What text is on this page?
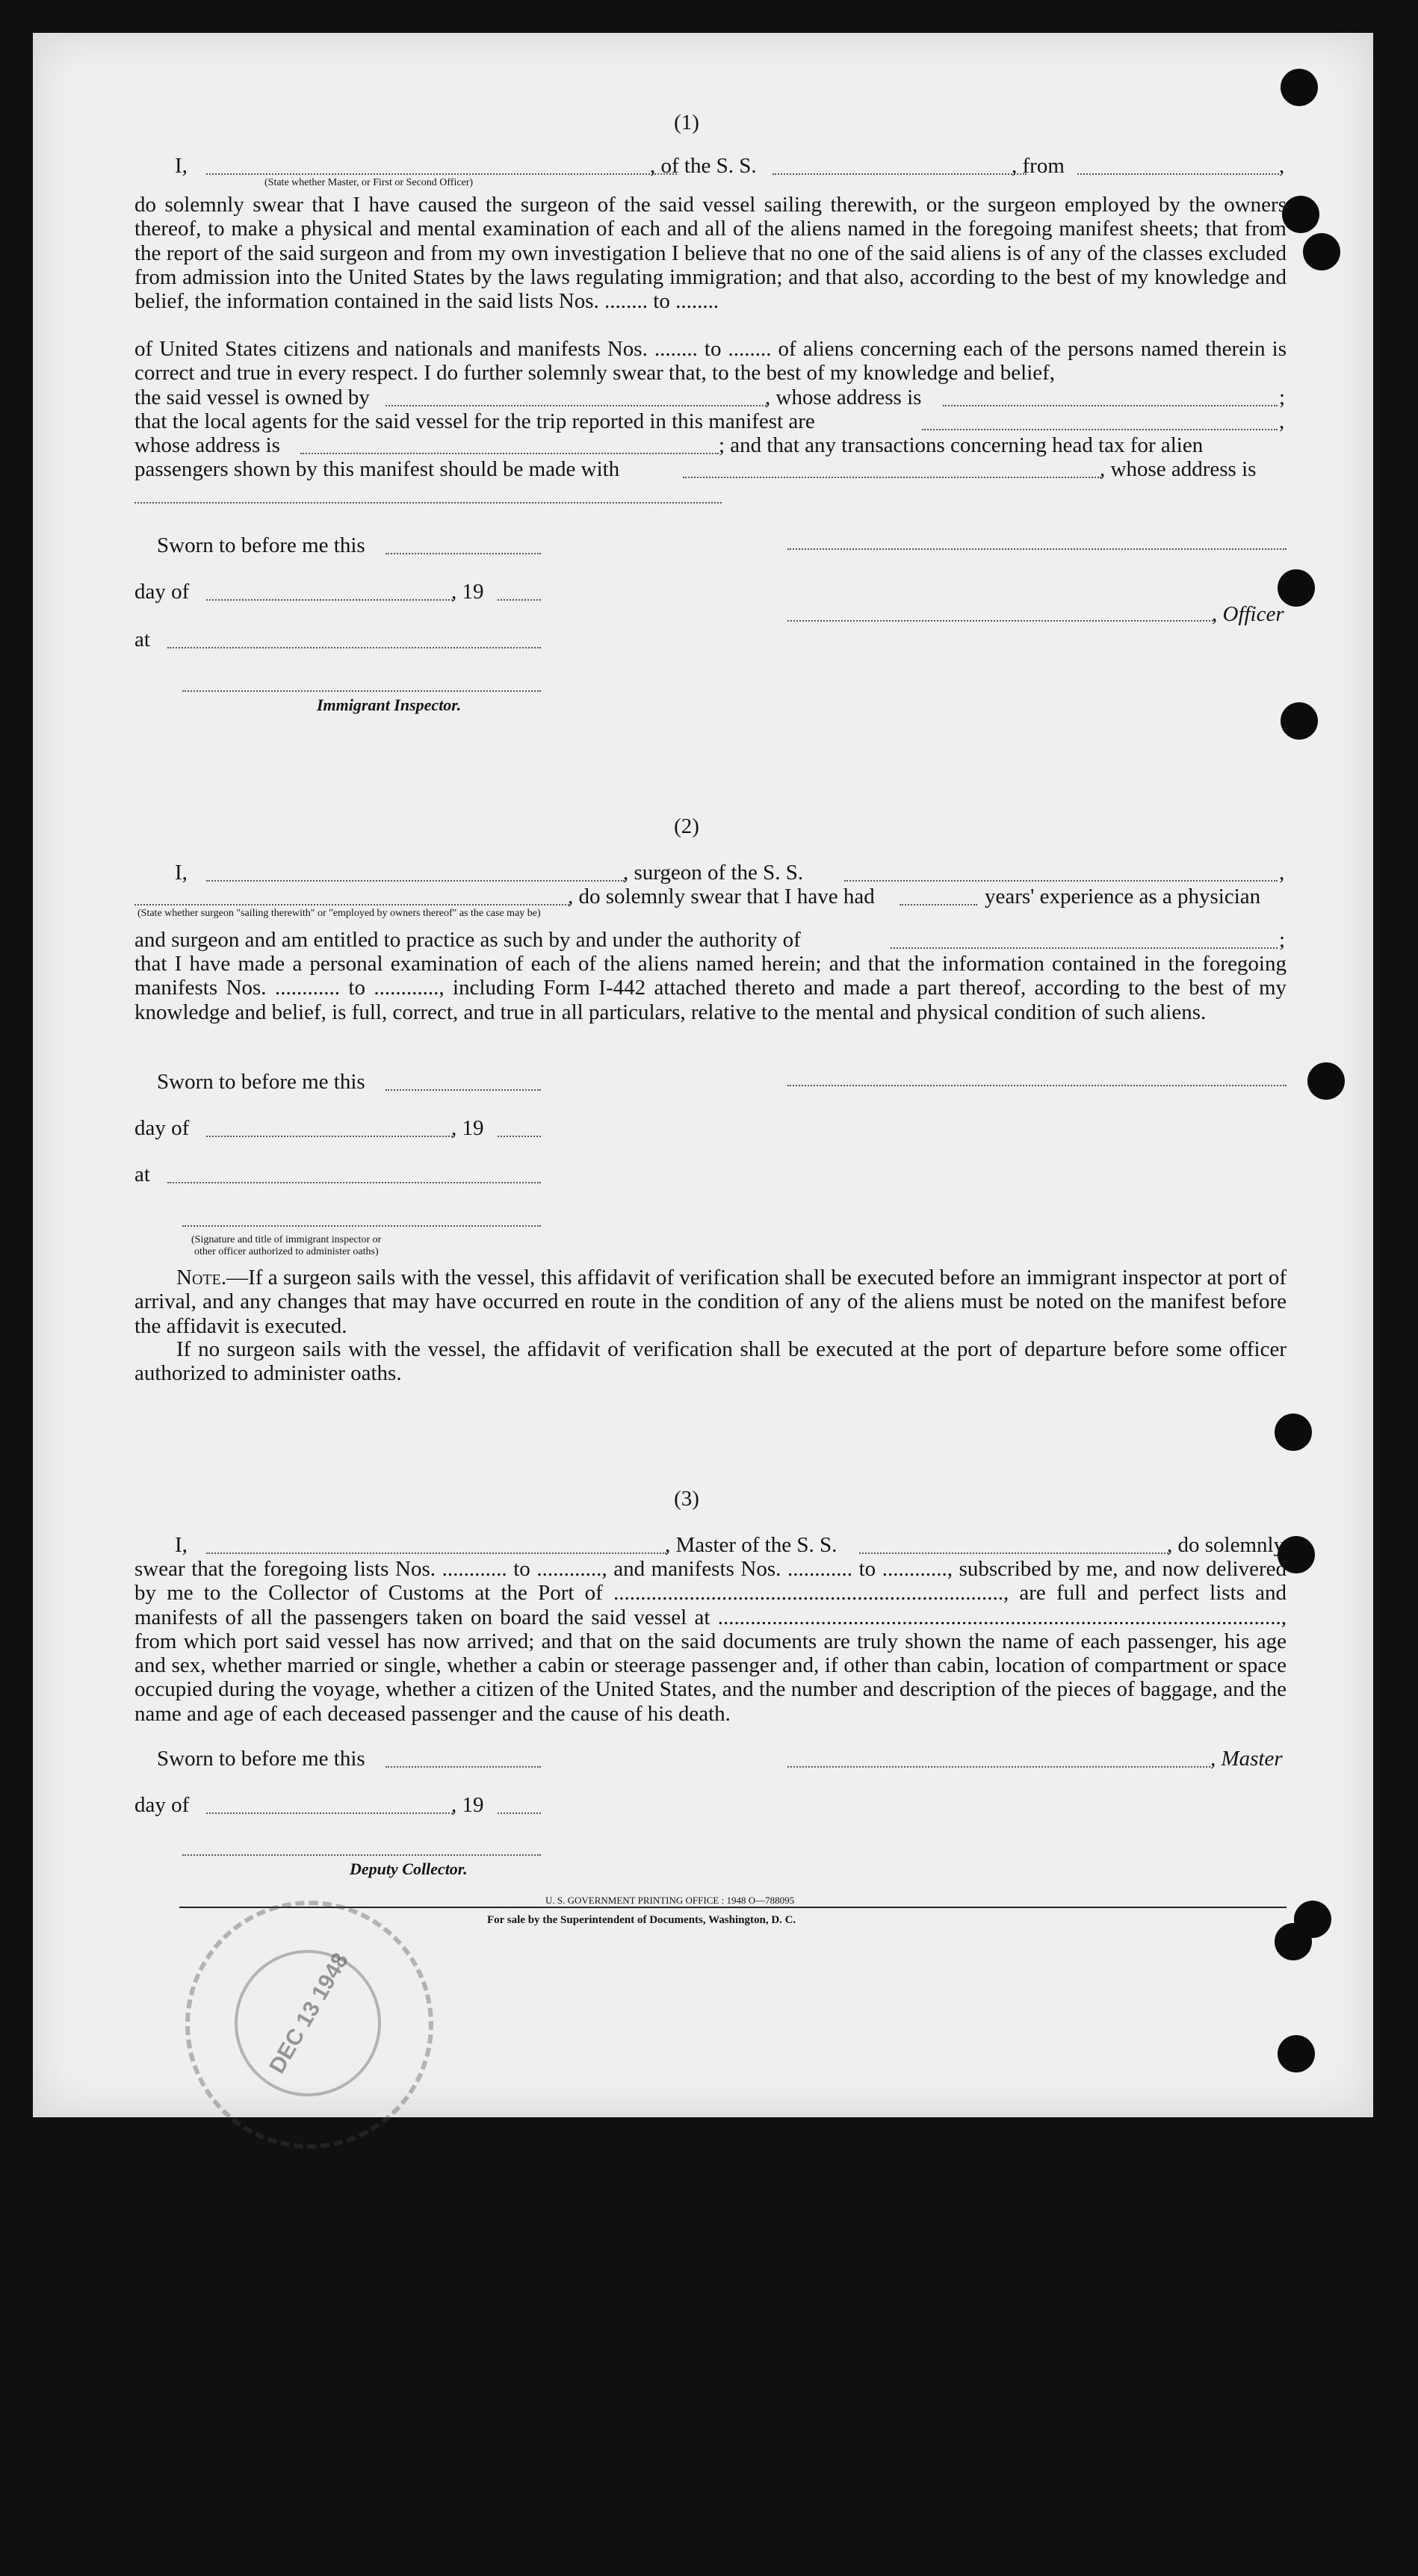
(1)
I,	, of the S. S.	, from	,
(State whether Master, or First or Second Officer)
do solemnly swear that I have caused the surgeon of the said vessel sailing therewith, or the surgeon employed by the owners thereof, to make a physical and mental examination of each and all of the aliens named in the foregoing manifest sheets; that from the report of the said surgeon and from my own investigation I believe that no one of the said aliens is of any of the classes excluded from admission into the United States by the laws regulating immigration; and that also, according to the best of my knowledge and belief, the information contained in the said lists Nos. ........ to ........
of United States citizens and nationals and manifests Nos. ........ to ........ of aliens concerning each of the persons named therein is correct and true in every respect. I do further solemnly swear that, to the best of my knowledge and belief,
the said vessel is owned by	, whose address is	;
that the local agents for the said vessel for the trip reported in this manifest are	,
whose address is	; and that any transactions concerning head tax for alien
passengers shown by this manifest should be made with	, whose address is
Sworn to before me this
day of	, 19
, Officer
at
Immigrant Inspector.
(2)
I,	, surgeon of the S. S.	,
, do solemnly swear that I have had	years' experience as a physician
(State whether surgeon "sailing therewith" or "employed by owners thereof" as the case may be)
and surgeon and am entitled to practice as such by and under the authority of	;
that I have made a personal examination of each of the aliens named herein; and that the information contained in the foregoing manifests Nos. ............ to ............, including Form I-442 attached thereto and made a part thereof, according to the best of my knowledge and belief, is full, correct, and true in all particulars, relative to the mental and physical condition of such aliens.
Sworn to before me this
day of	, 19
at
(Signature and title of immigrant inspector or
other officer authorized to administer oaths)
Note.—If a surgeon sails with the vessel, this affidavit of verification shall be executed before an immigrant inspector at port of arrival, and any changes that may have occurred en route in the condition of any of the aliens must be noted on the manifest before the affidavit is executed.
If no surgeon sails with the vessel, the affidavit of verification shall be executed at the port of departure before some officer authorized to administer oaths.
(3)
I,	, Master of the S. S.	, do solemnly
swear that the foregoing lists Nos. ............ to ............, and manifests Nos. ............ to ............, subscribed by me, and now delivered by me to the Collector of Customs at the Port of ........................................................................, are full and perfect lists and manifests of all the passengers taken on board the said vessel at ........................................................................................................, from which port said vessel has now arrived; and that on the said documents are truly shown the name of each passenger, his age and sex, whether married or single, whether a cabin or steerage passenger and, if other than cabin, location of compartment or space occupied during the voyage, whether a citizen of the United States, and the number and description of the pieces of baggage, and the name and age of each deceased passenger and the cause of his death.
Sworn to before me this	, Master
day of	, 19
Deputy Collector.
U. S. GOVERNMENT PRINTING OFFICE : 1948 O—788095
For sale by the Superintendent of Documents, Washington, D. C.
DEC 13 1948
